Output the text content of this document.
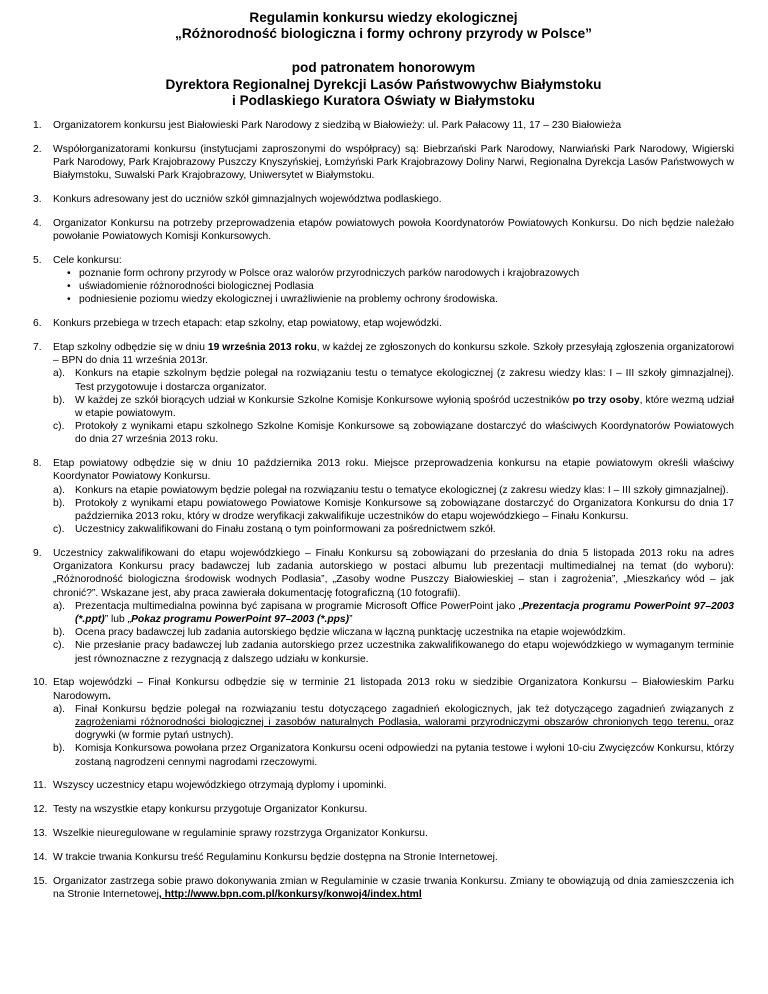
Regulamin konkursu wiedzy ekologicznej
„Różnorodność biologiczna i formy ochrony przyrody w Polsce”
pod patronatem honorowym
Dyrektora Regionalnej Dyrekcji Lasów Państwowychw Białymstoku
i Podlaskiego Kuratora Oświaty w Białymstoku
1. Organizatorem konkursu jest Białowieski Park Narodowy z siedzibą w Białowieży: ul. Park Pałacowy 11, 17 – 230 Białowieża
2. Współorganizatorami konkursu (instytucjami zaproszonymi do współpracy) są: Biebrzański Park Narodowy, Narwiański Park Narodowy, Wigierski Park Narodowy, Park Krajobrazowy Puszczy Knyszyńskiej, Łomżyński Park Krajobrazowy Doliny Narwi, Regionalna Dyrekcja Lasów Państwowych w Białymstoku, Suwalski Park Krajobrazowy, Uniwersytet w Białymstoku.
3. Konkurs adresowany jest do uczniów szkół gimnazjalnych województwa podlaskiego.
4. Organizator Konkursu na potrzeby przeprowadzenia etapów powiatowych powoła Koordynatorów Powiatowych Konkursu. Do nich będzie należało powołanie Powiatowych Komisji Konkursowych.
5. Cele konkursu:
• poznanie form ochrony przyrody w Polsce oraz walorów przyrodniczych parków narodowych i krajobrazowych
• uświadomienie różnorodności biologicznej Podlasia
• podniesienie poziomu wiedzy ekologicznej i uwrażliwienie na problemy ochrony środowiska.
6. Konkurs przebiega w trzech etapach: etap szkolny, etap powiatowy, etap wojewódzki.
7. Etap szkolny odbędzie się w dniu 19 września 2013 roku, w każdej ze zgłoszonych do konkursu szkole. Szkoły przesyłają zgłoszenia organizatorowi – BPN do dnia 11 września 2013r.
a). Konkurs na etapie szkolnym będzie polegał na rozwiązaniu testu o tematyce ekologicznej (z zakresu wiedzy klas: I – III szkoły gimnazjalnej). Test przygotowuje i dostarcza organizator.
b). W każdej ze szkół biorących udział w Konkursie Szkolne Komisje Konkursowe wyłonią spośród uczestników po trzy osoby, które wezmą udział w etapie powiatowym.
c). Protokoły z wynikami etapu szkolnego Szkolne Komisje Konkursowe są zobowiązane dostarczyć do właściwych Koordynatorów Powiatowych do dnia 27 września 2013 roku.
8. Etap powiatowy odbędzie się w dniu 10 października 2013 roku. Miejsce przeprowadzenia konkursu na etapie powiatowym określi właściwy Koordynator Powiatowy Konkursu.
a). Konkurs na etapie powiatowym będzie polegał na rozwiązaniu testu o tematyce ekologicznej (z zakresu wiedzy klas: I – III szkoły gimnazjalnej).
b). Protokoły z wynikami etapu powiatowego Powiatowe Komisje Konkursowe są zobowiązane dostarczyć do Organizatora Konkursu do dnia 17 października 2013 roku, który w drodze weryfikacji zakwalifikuje uczestników do etapu wojewódzkiego – Finału Konkursu.
c). Uczestnicy zakwalifikowani do Finału zostaną o tym poinformowani za pośrednictwem szkół.
9. Uczestnicy zakwalifikowani do etapu wojewódzkiego – Finału Konkursu są zobowiązani do przesłania do dnia 5 listopada 2013 roku na adres Organizatora Konkursu pracy badawczej lub zadania autorskiego w postaci albumu lub prezentacji multimedialnej na temat (do wyboru): „Różnorodność biologiczna środowisk wodnych Podlasia”, „Zasoby wodne Puszczy Białowieskiej – stan i zagrożenia”, „Mieszkańcy wód – jak chronić?”. Wskazane jest, aby praca zawierała dokumentację fotograficzną (10 fotografii).
a). Prezentacja multimedialna powinna być zapisana w programie Microsoft Office PowerPoint jako „Prezentacja programu PowerPoint 97–2003 (*.ppt)” lub „Pokaz programu PowerPoint 97–2003 (*.pps)”
b). Ocena pracy badawczej lub zadania autorskiego będzie wliczana w łączną punktację uczestnika na etapie wojewódzkim.
c). Nie przesłanie pracy badawczej lub zadania autorskiego przez uczestnika zakwalifikowanego do etapu wojewódzkiego w wymaganym terminie jest równoznaczne z rezygnacją z dalszego udziału w konkursie.
10. Etap wojewódzki – Finał Konkursu odbędzie się w terminie 21 listopada 2013 roku w siedzibie Organizatora Konkursu – Białowieskim Parku Narodowym.
a). Finał Konkursu będzie polegał na rozwiązaniu testu dotyczącego zagadnień ekologicznych, jak też dotyczącego zagadnień związanych z zagrożeniami różnorodności biologicznej i zasobów naturalnych Podlasia, walorami przyrodniczymi obszarów chronionych tego terenu, oraz dogrywki (w formie pytań ustnych).
b). Komisja Konkursowa powołana przez Organizatora Konkursu oceni odpowiedzi na pytania testowe i wyłoni 10-ciu Zwycięzców Konkursu, którzy zostaną nagrodzeni cennymi nagrodami rzeczowymi.
11. Wszyscy uczestnicy etapu wojewódzkiego otrzymają dyplomy i upominki.
12. Testy na wszystkie etapy konkursu przygotuje Organizator Konkursu.
13. Wszelkie nieuregulowane w regulaminie sprawy rozstrzyga Organizator Konkursu.
14. W trakcie trwania Konkursu treść Regulaminu Konkursu będzie dostępna na Stronie Internetowej.
15. Organizator zastrzega sobie prawo dokonywania zmian w Regulaminie w czasie trwania Konkursu. Zmiany te obowiązują od dnia zamieszczenia ich na Stronie Internetowej, http://www.bpn.com.pl/konkursy/konwoj4/index.html
